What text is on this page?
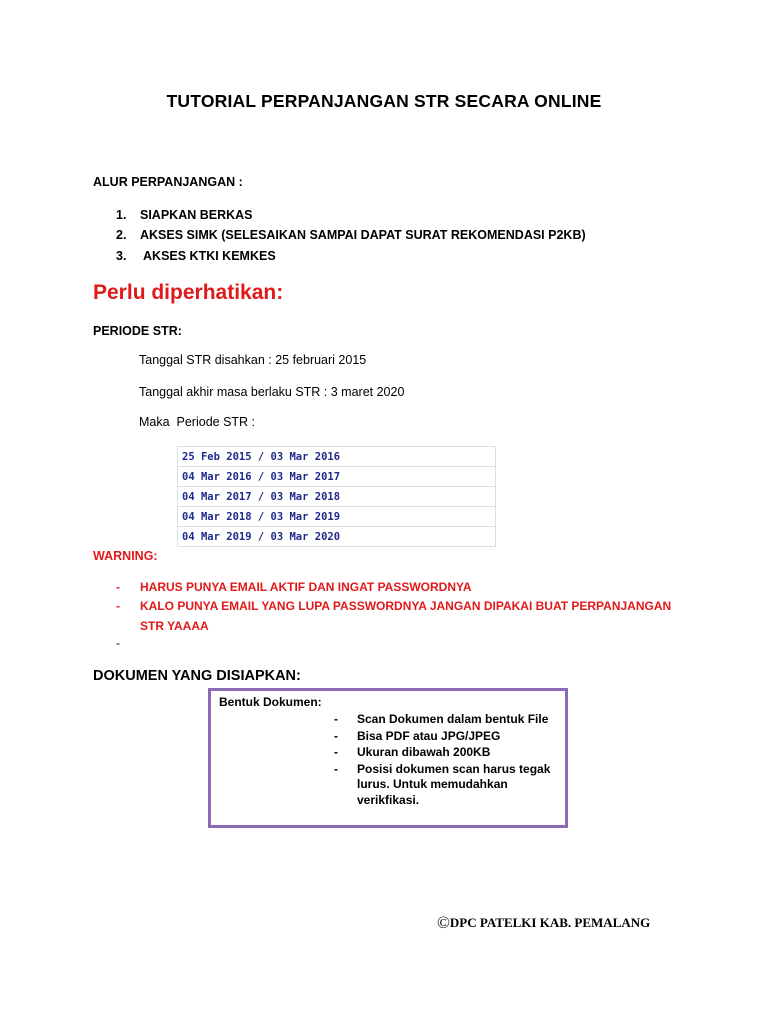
TUTORIAL PERPANJANGAN STR SECARA ONLINE
ALUR PERPANJANGAN :
1. SIAPKAN BERKAS
2. AKSES SIMK (SELESAIKAN SAMPAI DAPAT SURAT REKOMENDASI P2KB)
3. AKSES KTKI KEMKES
Perlu diperhatikan:
PERIODE STR:
Tanggal STR disahkan : 25 februari 2015
Tanggal akhir masa berlaku STR : 3 maret 2020
Maka  Periode STR :
25 Feb 2015 / 03 Mar 2016
04 Mar 2016 / 03 Mar 2017
04 Mar 2017 / 03 Mar 2018
04 Mar 2018 / 03 Mar 2019
04 Mar 2019 / 03 Mar 2020
WARNING:
- HARUS PUNYA EMAIL AKTIF DAN INGAT PASSWORDNYA
- KALO PUNYA EMAIL YANG LUPA PASSWORDNYA JANGAN DIPAKAI BUAT PERPANJANGAN
STR YAAAA
-
DOKUMEN YANG DISIAPKAN:
Bentuk Dokumen:
- Scan Dokumen dalam bentuk File
- Bisa PDF atau JPG/JPEG
- Ukuran dibawah 200KB
- Posisi dokumen scan harus tegak
lurus. Untuk memudahkan
verikfikasi.
©DPC PATELKI KAB. PEMALANG
